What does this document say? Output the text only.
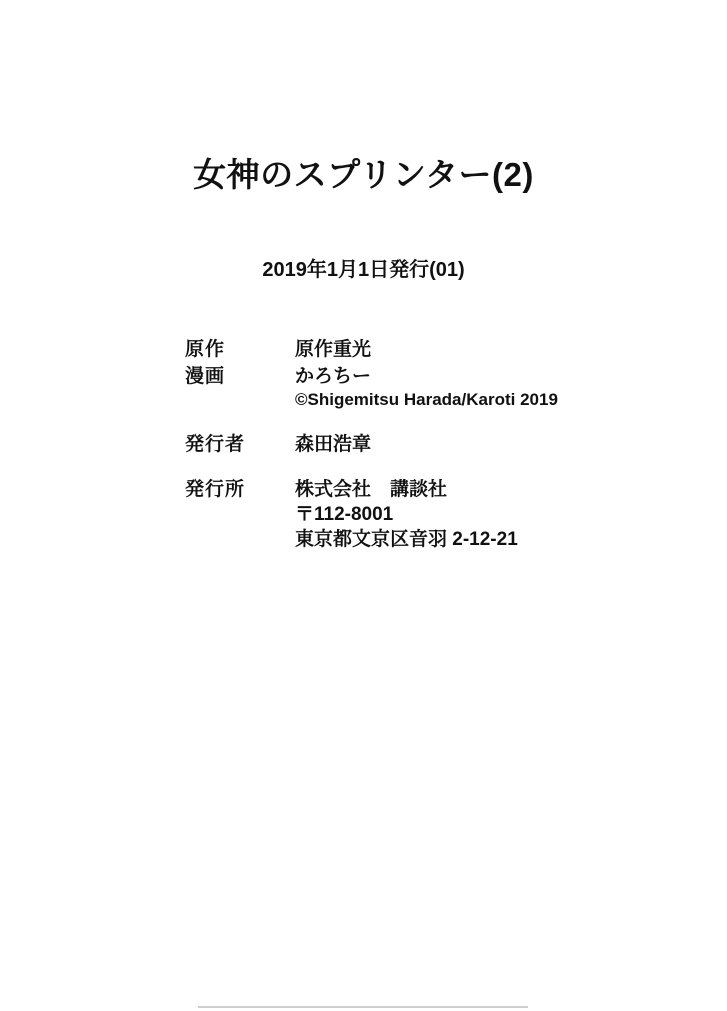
女神のスプリンター(2)
2019年1月1日発行(01)
原作	原作重光
漫画	かろちー
©Shigemitsu Harada/Karoti 2019
発行者	森田浩章
発行所	株式会社　講談社
〒112-8001
東京都文京区音羽 2-12-21
